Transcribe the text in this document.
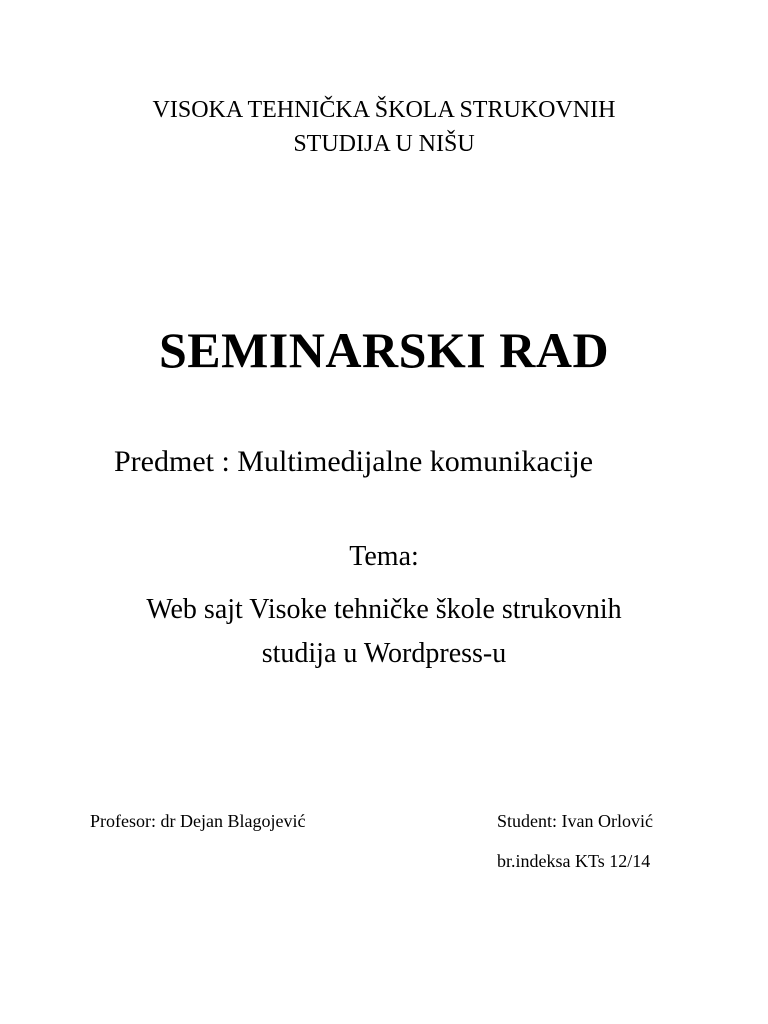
VISOKA TEHNIČKA ŠKOLA STRUKOVNIH
STUDIJA U NIŠU
SEMINARSKI RAD
Predmet : Multimedijalne komunikacije
Tema:
Web sajt Visoke tehničke škole strukovnih
studija u Wordpress-u
Profesor: dr Dejan Blagojević	Student: Ivan Orlović
br.indeksa KTs 12/14
